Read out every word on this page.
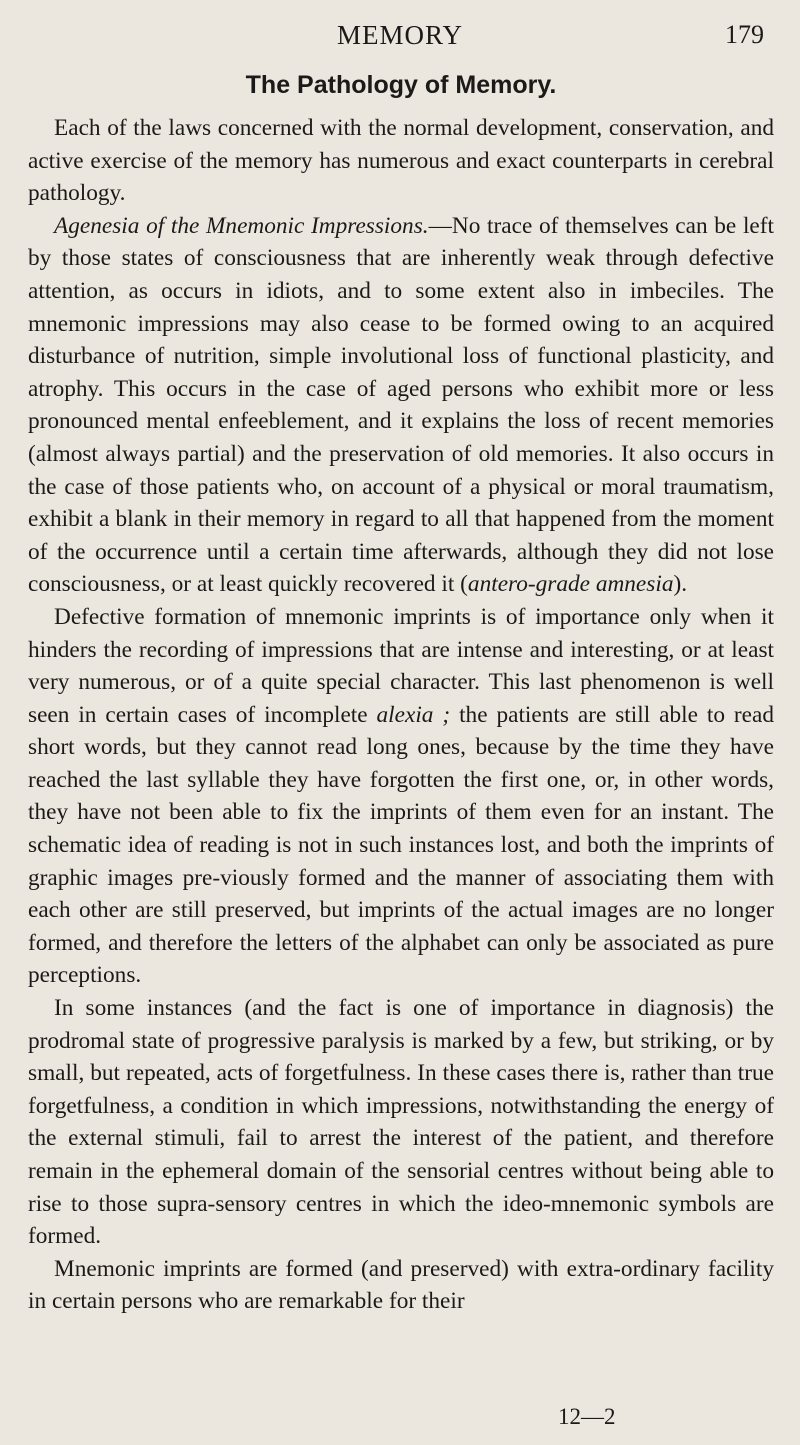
MEMORY	179
The Pathology of Memory.

Each of the laws concerned with the normal development, conservation, and active exercise of the memory has numerous and exact counterparts in cerebral pathology.

Agenesia of the Mnemonic Impressions.—No trace of themselves can be left by those states of consciousness that are inherently weak through defective attention, as occurs in idiots, and to some extent also in imbeciles. The mnemonic impressions may also cease to be formed owing to an acquired disturbance of nutrition, simple involutional loss of functional plasticity, and atrophy. This occurs in the case of aged persons who exhibit more or less pronounced mental enfeeblement, and it explains the loss of recent memories (almost always partial) and the preservation of old memories. It also occurs in the case of those patients who, on account of a physical or moral traumatism, exhibit a blank in their memory in regard to all that happened from the moment of the occurrence until a certain time afterwards, although they did not lose consciousness, or at least quickly recovered it (antero-grade amnesia).

Defective formation of mnemonic imprints is of importance only when it hinders the recording of impressions that are intense and interesting, or at least very numerous, or of a quite special character. This last phenomenon is well seen in certain cases of incomplete alexia ; the patients are still able to read short words, but they cannot read long ones, because by the time they have reached the last syllable they have forgotten the first one, or, in other words, they have not been able to fix the imprints of them even for an instant. The schematic idea of reading is not in such instances lost, and both the imprints of graphic images pre-viously formed and the manner of associating them with each other are still preserved, but imprints of the actual images are no longer formed, and therefore the letters of the alphabet can only be associated as pure perceptions.

In some instances (and the fact is one of importance in diagnosis) the prodromal state of progressive paralysis is marked by a few, but striking, or by small, but repeated, acts of forgetfulness. In these cases there is, rather than true forgetfulness, a condition in which impressions, notwithstanding the energy of the external stimuli, fail to arrest the interest of the patient, and therefore remain in the ephemeral domain of the sensorial centres without being able to rise to those supra-sensory centres in which the ideo-mnemonic symbols are formed.

Mnemonic imprints are formed (and preserved) with extra-ordinary facility in certain persons who are remarkable for their

12—2
